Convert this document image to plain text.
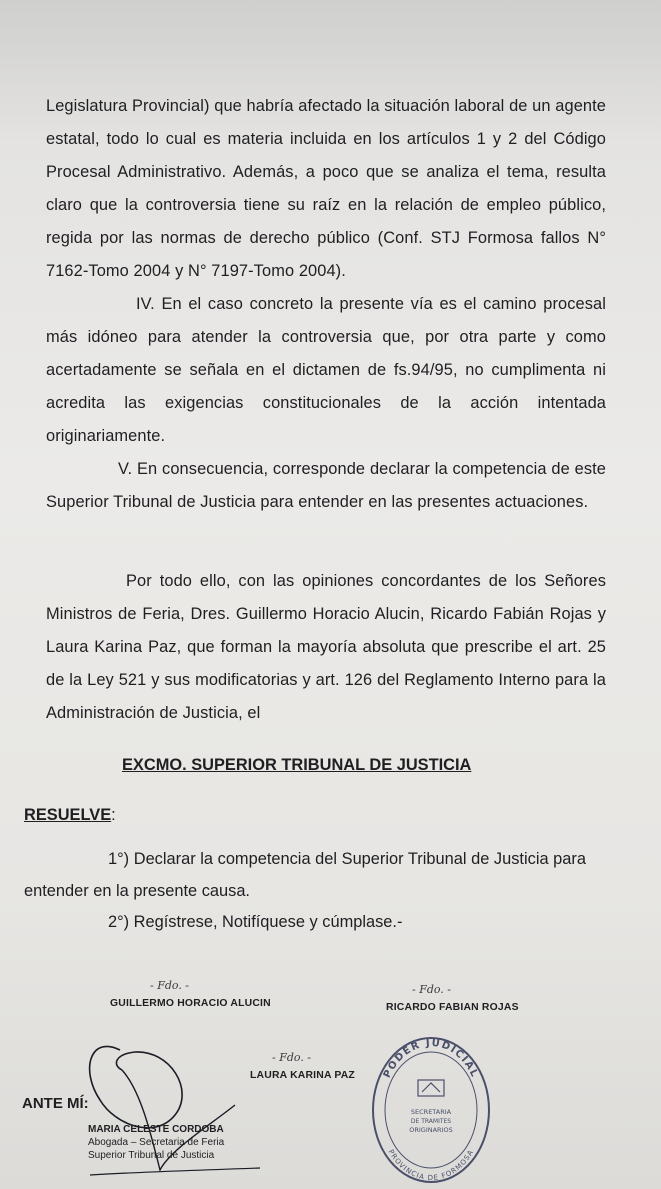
Legislatura Provincial) que habría afectado la situación laboral de un agente estatal, todo lo cual es materia incluida en los artículos 1 y 2 del Código Procesal Administrativo. Además, a poco que se analiza el tema, resulta claro que la controversia tiene su raíz en la relación de empleo público, regida por las normas de derecho público (Conf. STJ Formosa fallos N° 7162-Tomo 2004 y N° 7197-Tomo 2004).

IV. En el caso concreto la presente vía es el camino procesal más idóneo para atender la controversia que, por otra parte y como acertadamente se señala en el dictamen de fs.94/95, no cumplimenta ni acredita las exigencias constitucionales de la acción intentada originariamente.

V. En consecuencia, corresponde declarar la competencia de este Superior Tribunal de Justicia para entender en las presentes actuaciones.

Por todo ello, con las opiniones concordantes de los Señores Ministros de Feria, Dres. Guillermo Horacio Alucin, Ricardo Fabián Rojas y Laura Karina Paz, que forman la mayoría absoluta que prescribe el art. 25 de la Ley 521 y sus modificatorias y art. 126 del Reglamento Interno para la Administración de Justicia, el

EXCMO. SUPERIOR TRIBUNAL DE JUSTICIA

RESUELVE:

1°) Declarar la competencia del Superior Tribunal de Justicia para entender en la presente causa.

2°) Regístrese, Notifíquese y cúmplase.-

- Fdo. -

GUILLERMO HORACIO ALUCIN

- Fdo. -

RICARDO FABIAN ROJAS

- Fdo. -

LAURA KARINA PAZ

ANTE MÍ:

MARIA CELESTE CORDOBA
Abogada – Secretaria de Feria
Superior Tribunal de Justicia
PODER JUDICIAL
PROVINCIA DE FORMOSA
SECRETARIA
DE TRAMITES
ORIGINARIOS
